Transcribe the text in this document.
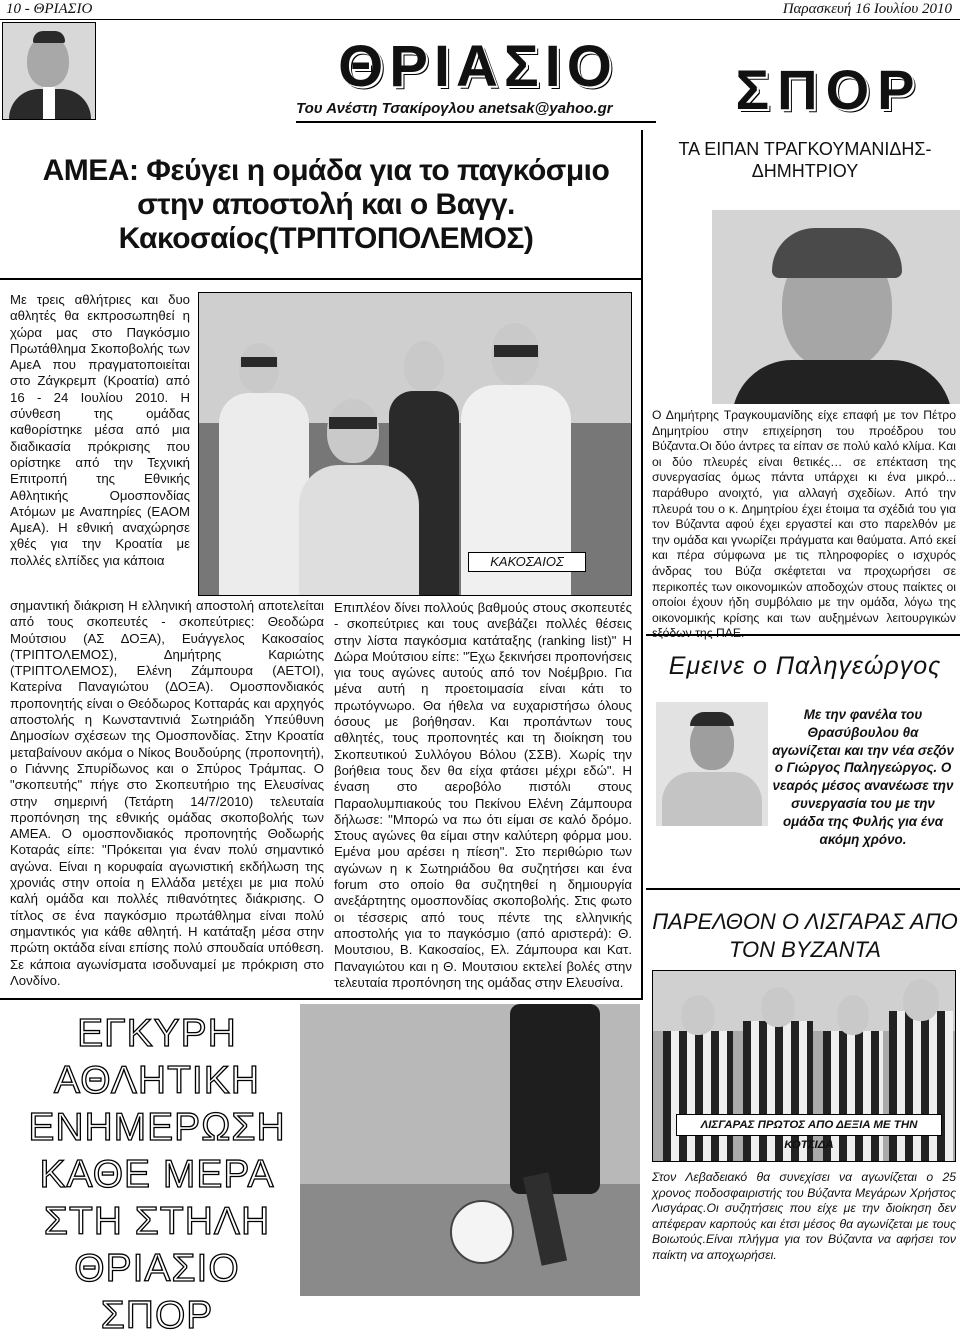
10 - ΘΡΙΑΣΙΟ	Παρασκευή 16 Ιουλίου 2010
ΘΡΙΑΣΙΟ	ΣΠΟΡ
Του Ανέστη Τσακίρογλου anetsak@yahoo.gr
ΑΜΕΑ: Φεύγει η ομάδα για το παγκόσμιο στην αποστολή και ο Βαγγ. Κακοσαίος(ΤΡΠΤΟΠΟΛΕΜΟΣ)
Με τρεις αθλήτριες και δυο αθλητές θα εκπροσωπηθεί η χώρα μας στο Παγκόσμιο Πρωτάθλημα Σκοποβολής των ΑμεΑ που πραγματοποιείται στο Ζάγκρεμπ (Κροατία) από 16 - 24 Ιουλίου 2010. Η σύνθεση της ομάδας καθορίστηκε μέσα από μια διαδικασία πρόκρισης που ορίστηκε από την Τεχνική Επιτροπή της Εθνικής Αθλητικής Ομοσπονδίας Ατόμων με Αναπηρίες (ΕΑΟΜ ΑμεΑ). Η εθνική αναχώρησε χθές για την Κροατία με πολλές ελπίδες για κάποια	ΚΑΚΟΣΑΙΟΣ
σημαντική διάκριση Η ελληνική αποστολή αποτελείται από τους σκοπευτές - σκοπεύτριες: Θεοδώρα Μούτσιου (ΑΣ ΔΟΞΑ), Ευάγγελος Κακοσαίος (ΤΡΙΠΤΟΛΕΜΟΣ), Δημήτρης Καριώτης (ΤΡΙΠΤΟΛΕΜΟΣ), Ελένη Ζάμπουρα (ΑΕΤΟΙ), Κατερίνα Παναγιώτου (ΔΟΞΑ). Ομοσπονδιακός προπονητής είναι ο Θεόδωρος Κοτταράς και αρχηγός αποστολής η Κωνσταντινιά Σωτηριάδη Υπεύθυνη Δημοσίων σχέσεων της Ομοσπονδίας. Στην Κροατία μεταβαίνουν ακόμα ο Νίκος Βουδούρης (προπονητή), ο Γιάννης Σπυρίδωνος και ο Σπύρος Τράμπας. Ο "σκοπευτής" πήγε στο Σκοπευτήριο της Ελευσίνας στην σημερινή (Τετάρτη 14/7/2010) τελευταία προπόνηση της εθνικής ομάδας σκοποβολής των ΑΜΕΑ. Ο ομοσπονδιακός προπονητής Θοδωρής Κοταράς είπε: "Πρόκειται για έναν πολύ σημαντικό αγώνα. Είναι η κορυφαία αγωνιστική εκδήλωση της χρονιάς στην οποία η Ελλάδα μετέχει με μια πολύ καλή ομάδα και πολλές πιθανότητες διάκρισης. Ο τίτλος σε ένα παγκόσμιο πρωτάθλημα είναι πολύ σημαντικός για κάθε αθλητή. Η κατάταξη μέσα στην πρώτη οκτάδα είναι επίσης πολύ σπουδαία υπόθεση. Σε κάποια αγωνίσματα ισοδυναμεί με πρόκριση στο Λονδίνο.
Επιπλέον δίνει πολλούς βαθμούς στους σκοπευτές - σκοπεύτριες και τους ανεβάζει πολλές θέσεις στην λίστα παγκόσμια κατάταξης (ranking list)" Η Δώρα Μούτσιου είπε: "Έχω ξεκινήσει προπονήσεις για τους αγώνες αυτούς από τον Νοέμβριο. Για μένα αυτή η προετοιμασία είναι κάτι το πρωτόγνωρο. Θα ήθελα να ευχαριστήσω όλους όσους με βοήθησαν. Και προπάντων τους αθλητές, τους προπονητές και τη διοίκηση του Σκοπευτικού Συλλόγου Βόλου (ΣΣΒ). Χωρίς την βοήθεια τους δεν θα είχα φτάσει μέχρι εδώ". Η έναση στο αεροβόλο πιστόλι στους Παραολυμπιακούς του Πεκίνου Ελένη Ζάμπουρα δήλωσε: "Μπορώ να πω ότι είμαι σε καλό δρόμο. Στους αγώνες θα είμαι στην καλύτερη φόρμα μου. Εμένα μου αρέσει η πίεση". Στο περιθώριο των αγώνων η κ Σωτηριάδου θα συζητήσει και ένα forum στο οποίο θα συζητηθεί η δημιουργία ανεξάρτητης ομοσπονδίας σκοποβολής. Στις φωτο οι τέσσερις από τους πέντε της ελληνικής αποστολής για το παγκόσμιο (από αριστερά): Θ. Μουτσιου, Β. Κακοσαίος, Ελ. Ζάμπουρα και Κατ. Παναγιώτου και η Θ. Μουτσιου εκτελεί βολές στην τελευταία προπόνηση της ομάδας στην Ελευσίνα.
ΕΓΚΥΡΗ
ΑΘΛΗΤΙΚΗ
ΕΝΗΜΕΡΩΣΗ
ΚΑΘΕ ΜΕΡΑ
ΣΤΗ ΣΤΗΛΗ
ΘΡΙΑΣΙΟ ΣΠΟΡ
ΤΑ ΕΙΠΑΝ ΤΡΑΓΚΟΥΜΑΝΙΔΗΣ-ΔΗΜΗΤΡΙΟΥ
Ο Δημήτρης Τραγκουμανίδης είχε επαφή με τον Πέτρο Δημητρίου στην επιχείρηση του προέδρου του Βύζαντα.Οι δύο άντρες τα είπαν σε πολύ καλό κλίμα. Και οι δύο πλευρές είναι θετικές… σε επέκταση της συνεργασίας όμως πάντα υπάρχει κι ένα μικρό... παράθυρο ανοιχτό, για αλλαγή σχεδίων. Από την πλευρά του ο κ. Δημητρίου έχει έτοιμα τα σχέδιά του για τον Βύζαντα αφού έχει εργαστεί και στο παρελθόν με την ομάδα και γνωρίζει πράγματα και θαύματα. Από εκεί και πέρα σύμφωνα με τις πληροφορίες ο ισχυρός άνδρας του Βύζα σκέφτεται να προχωρήσει σε περικοπές των οικονομικών αποδοχών στους παίκτες οι οποίοι έχουν ήδη συμβόλαιο με την ομάδα, λόγω της οικονομικής κρίσης και των αυξημένων λειτουργικών
Εμεινε ο Παληγεώργος
Με την φανέλα του Θρασύβουλου θα αγωνίζεται και την νέα σεζόν ο Γιώργος Παληγεώργος. Ο νεαρός μέσος ανανέωσε την συνεργασία του με την ομάδα της Φυλής για ένα ακόμη χρόνο.
ΠΑΡΕΛΘΟΝ Ο ΛΙΣΓΑΡΑΣ ΑΠΟ ΤΟΝ ΒΥΖΑΝΤΑ
ΛΙΣΓΑΡΑΣ ΠΡΩΤΟΣ ΑΠΟ ΔΕΞΙΑ ΜΕ ΤΗΝ ΚΟΤΣΙΔΑ
Στον Λεβαδειακό θα συνεχίσει να αγωνίζεται ο 25 χρονος ποδοσφαιριστής του Βύζαντα Μεγάρων Χρήστος Λισγάρας.Οι συζητήσεις που είχε με την διοίκηση δεν απέφεραν καρπούς και έτσι μέσος θα αγωνίζεται με τους Βοιωτούς.Είναι πλήγμα για τον Βύζαντα να αφήσει τον παίκτη να αποχωρήσει.
